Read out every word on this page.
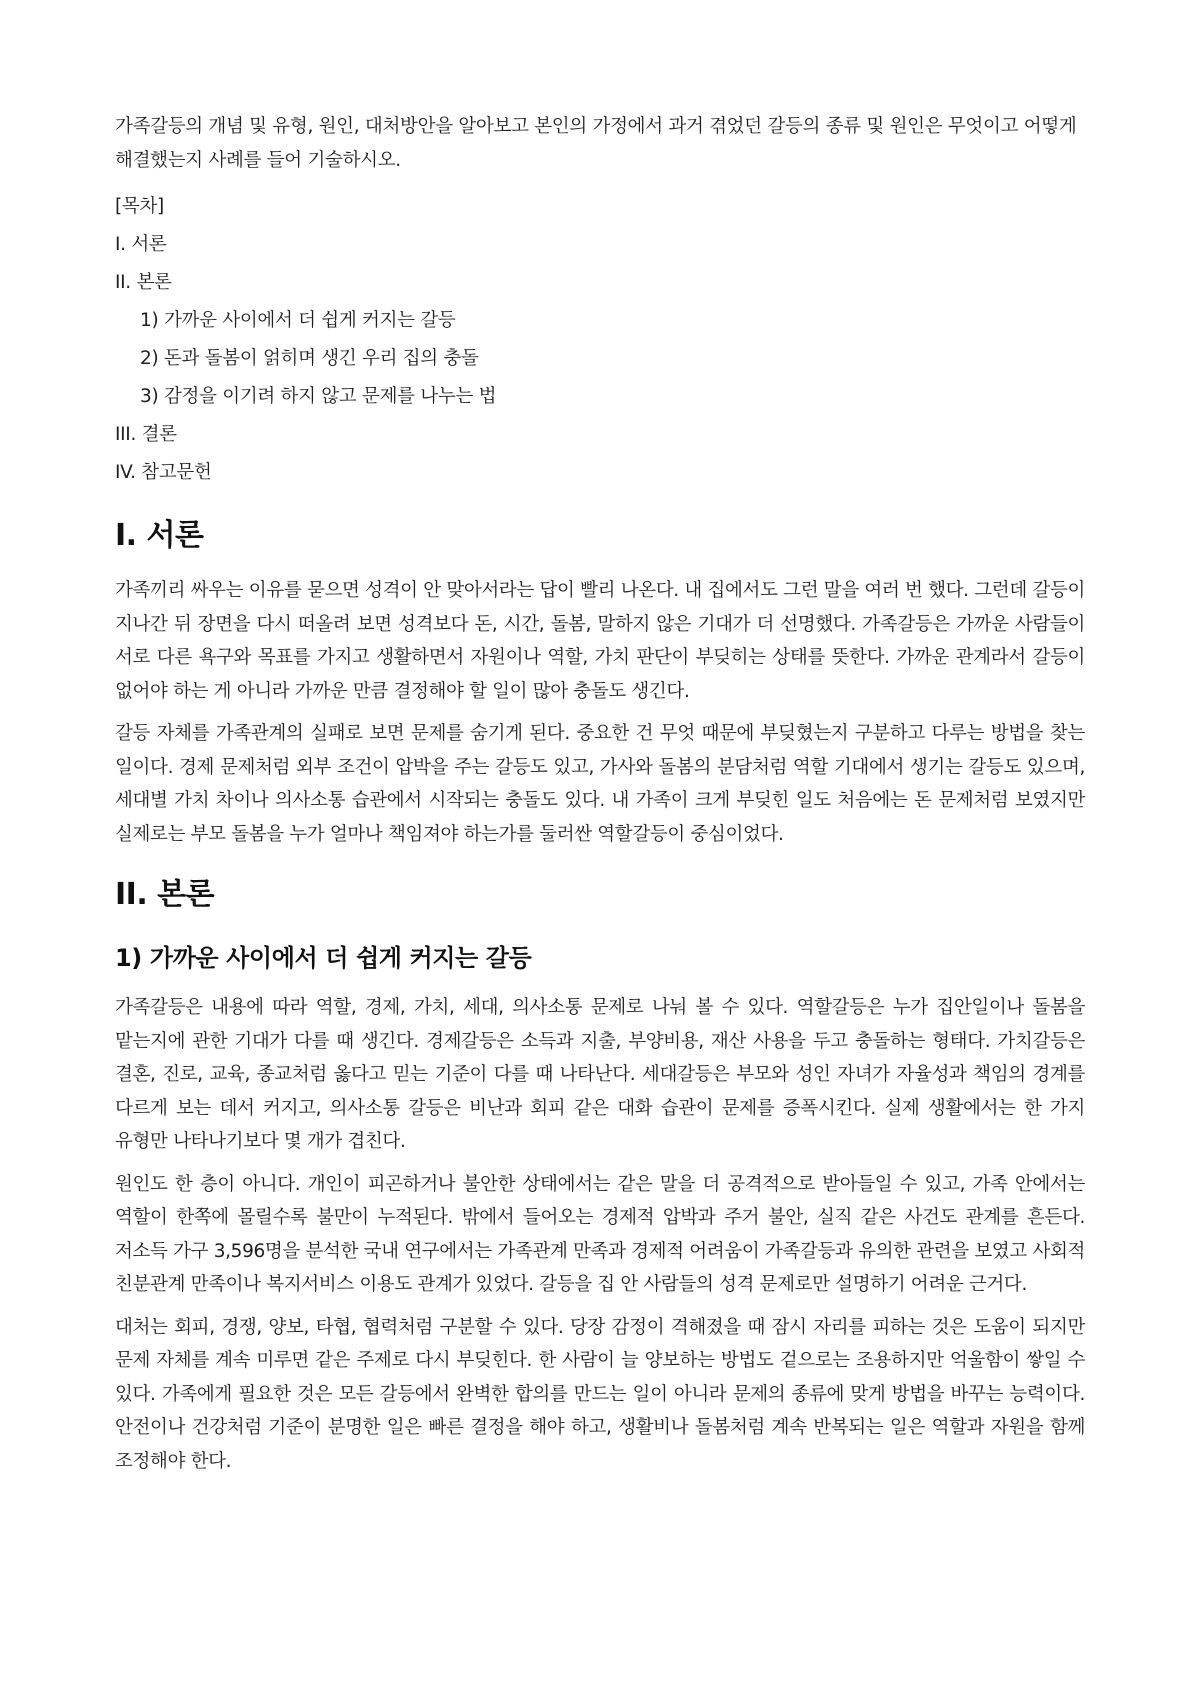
가족갈등의 개념 및 유형, 원인, 대처방안을 알아보고 본인의 가정에서 과거 겪었던 갈등의 종류 및 원인은 무엇이고 어떻게 해결했는지 사례를 들어 기술하시오.

[목차]

I. 서론

II. 본론

1) 가까운 사이에서 더 쉽게 커지는 갈등

2) 돈과 돌봄이 얽히며 생긴 우리 집의 충돌

3) 감정을 이기려 하지 않고 문제를 나누는 법

III. 결론

IV. 참고문헌

I. 서론

가족끼리 싸우는 이유를 묻으면 성격이 안 맞아서라는 답이 빨리 나온다. 내 집에서도 그런 말을 여러 번 했다. 그런데 갈등이 지나간 뒤 장면을 다시 떠올려 보면 성격보다 돈, 시간, 돌봄, 말하지 않은 기대가 더 선명했다. 가족갈등은 가까운 사람들이 서로 다른 욕구와 목표를 가지고 생활하면서 자원이나 역할, 가치 판단이 부딪히는 상태를 뜻한다. 가까운 관계라서 갈등이 없어야 하는 게 아니라 가까운 만큼 결정해야 할 일이 많아 충돌도 생긴다.

갈등 자체를 가족관계의 실패로 보면 문제를 숨기게 된다. 중요한 건 무엇 때문에 부딪혔는지 구분하고 다루는 방법을 찾는 일이다. 경제 문제처럼 외부 조건이 압박을 주는 갈등도 있고, 가사와 돌봄의 분담처럼 역할 기대에서 생기는 갈등도 있으며, 세대별 가치 차이나 의사소통 습관에서 시작되는 충돌도 있다. 내 가족이 크게 부딪힌 일도 처음에는 돈 문제처럼 보였지만 실제로는 부모 돌봄을 누가 얼마나 책임져야 하는가를 둘러싼 역할갈등이 중심이었다.

II. 본론
1) 가까운 사이에서 더 쉽게 커지는 갈등

가족갈등은 내용에 따라 역할, 경제, 가치, 세대, 의사소통 문제로 나눠 볼 수 있다. 역할갈등은 누가 집안일이나 돌봄을 맡는지에 관한 기대가 다를 때 생긴다. 경제갈등은 소득과 지출, 부양비용, 재산 사용을 두고 충돌하는 형태다. 가치갈등은 결혼, 진로, 교육, 종교처럼 옳다고 믿는 기준이 다를 때 나타난다. 세대갈등은 부모와 성인 자녀가 자율성과 책임의 경계를 다르게 보는 데서 커지고, 의사소통 갈등은 비난과 회피 같은 대화 습관이 문제를 증폭시킨다. 실제 생활에서는 한 가지 유형만 나타나기보다 몇 개가 겹친다.

원인도 한 층이 아니다. 개인이 피곤하거나 불안한 상태에서는 같은 말을 더 공격적으로 받아들일 수 있고, 가족 안에서는 역할이 한쪽에 몰릴수록 불만이 누적된다. 밖에서 들어오는 경제적 압박과 주거 불안, 실직 같은 사건도 관계를 흔든다. 저소득 가구 3,596명을 분석한 국내 연구에서는 가족관계 만족과 경제적 어려움이 가족갈등과 유의한 관련을 보였고 사회적 친분관계 만족이나 복지서비스 이용도 관계가 있었다. 갈등을 집 안 사람들의 성격 문제로만 설명하기 어려운 근거다.

대처는 회피, 경쟁, 양보, 타협, 협력처럼 구분할 수 있다. 당장 감정이 격해졌을 때 잠시 자리를 피하는 것은 도움이 되지만 문제 자체를 계속 미루면 같은 주제로 다시 부딪힌다. 한 사람이 늘 양보하는 방법도 겉으로는 조용하지만 억울함이 쌓일 수 있다. 가족에게 필요한 것은 모든 갈등에서 완벽한 합의를 만드는 일이 아니라 문제의 종류에 맞게 방법을 바꾸는 능력이다. 안전이나 건강처럼 기준이 분명한 일은 빠른 결정을 해야 하고, 생활비나 돌봄처럼 계속 반복되는 일은 역할과 자원을 함께 조정해야 한다.
